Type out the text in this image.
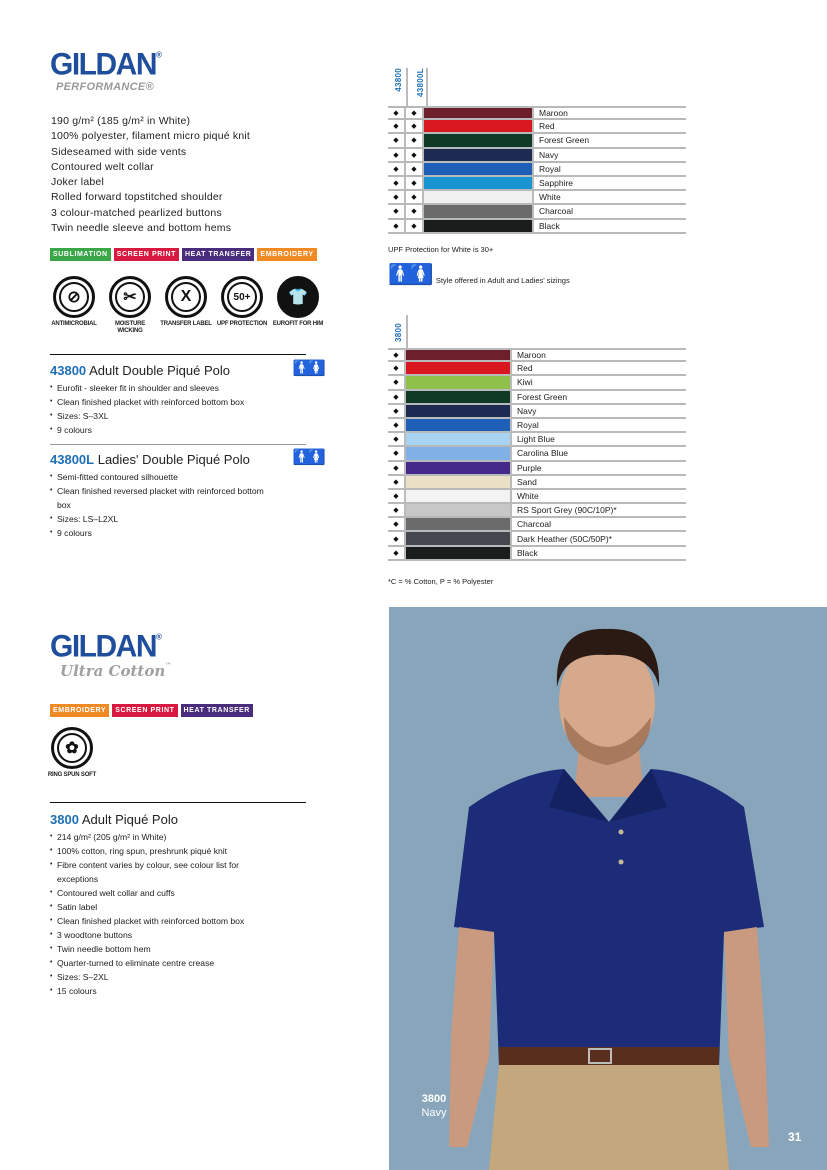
GILDAN®
PERFORMANCE®
190 g/m² (185 g/m² in White)
100% polyester, filament micro piqué knit
Sideseamed with side vents
Contoured welt collar
Joker label
Rolled forward topstitched shoulder
3 colour-matched pearlized buttons
Twin needle sleeve and bottom hems
SUBLIMATION	SCREEN PRINT	HEAT TRANSFER	EMBROIDERY
⊘
ANTIMICROBIAL
✂
MOISTURE WICKING
X
TRANSFER LABEL
50+
UPF PROTECTION
👕
EUROFIT FOR HIM
43800 Adult Double Piqué Polo	🚹🚺
• Eurofit - sleeker fit in shoulder and sleeves
• Clean finished placket with reinforced bottom box
• Sizes: S–3XL
• 9 colours
43800L Ladies' Double Piqué Polo	🚹🚺
• Semi-fitted contoured silhouette
• Clean finished reversed placket with reinforced bottom box
• Sizes: LS–L2XL
• 9 colours
43800 43800L
◆	◆	Maroon
◆	◆	Red
◆	◆	Forest Green
◆	◆	Navy
◆	◆	Royal
◆	◆	Sapphire
◆	◆	White
◆	◆	Charcoal
◆	◆	Black
UPF Protection for White is 30+
🚹🚺 Style offered in Adult and Ladies' sizings
3800
◆	Maroon
◆	Red
◆	Kiwi
◆	Forest Green
◆	Navy
◆	Royal
◆	Light Blue
◆	Carolina Blue
◆	Purple
◆	Sand
◆	White
◆	RS Sport Grey (90C/10P)*
◆	Charcoal
◆	Dark Heather (50C/50P)*
◆	Black
*C = % Cotton, P = % Polyester
GILDAN®
Ultra Cotton™
EMBROIDERY	SCREEN PRINT	HEAT TRANSFER
✿
RING SPUN SOFT
3800 Adult Piqué Polo
• 214 g/m² (205 g/m² in White)
• 100% cotton, ring spun, preshrunk piqué knit
• Fibre content varies by colour, see colour list for exceptions
• Contoured welt collar and cuffs
• Satin label
• Clean finished placket with reinforced bottom box
• 3 woodtone buttons
• Twin needle bottom hem
• Quarter-turned to eliminate centre crease
• Sizes: S–2XL
• 15 colours
3800
Navy
31
